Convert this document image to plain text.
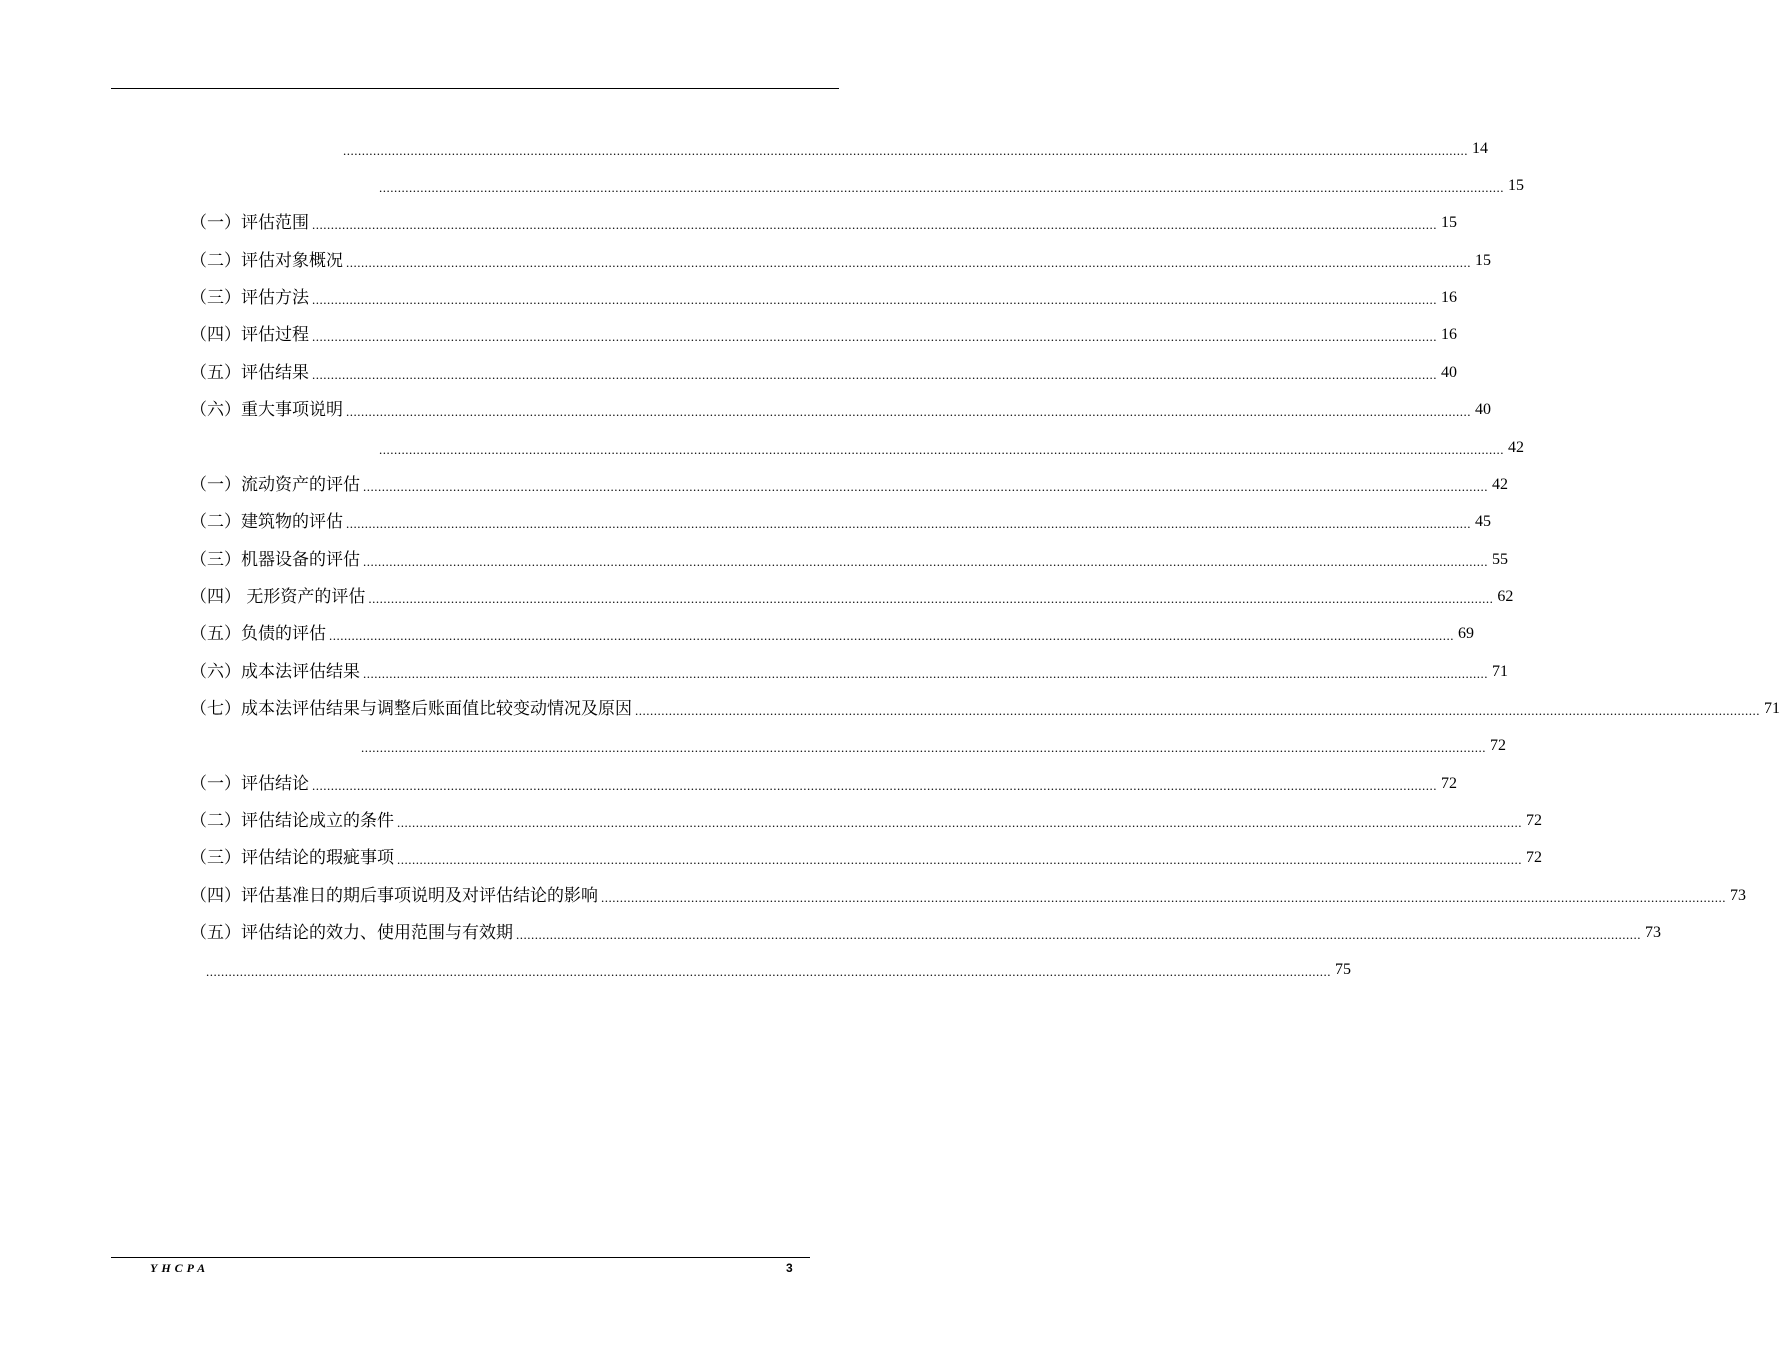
............................................................................................................................................................................................................................................................................................................ 14
............................................................................................................................................................................................................................................................................................................ 15
（一）评估范围 ............................................................................................................................................................................................................................................................................................................ 15
（二）评估对象概况 ............................................................................................................................................................................................................................................................................................................ 15
（三）评估方法 ............................................................................................................................................................................................................................................................................................................ 16
（四）评估过程 ............................................................................................................................................................................................................................................................................................................ 16
（五）评估结果 ............................................................................................................................................................................................................................................................................................................ 40
（六）重大事项说明 ............................................................................................................................................................................................................................................................................................................ 40
............................................................................................................................................................................................................................................................................................................ 42
（一）流动资产的评估 ............................................................................................................................................................................................................................................................................................................ 42
（二）建筑物的评估 ............................................................................................................................................................................................................................................................................................................ 45
（三）机器设备的评估 ............................................................................................................................................................................................................................................................................................................ 55
（四） 无形资产的评估 ............................................................................................................................................................................................................................................................................................................ 62
（五）负债的评估 ............................................................................................................................................................................................................................................................................................................ 69
（六）成本法评估结果 ............................................................................................................................................................................................................................................................................................................ 71
（七）成本法评估结果与调整后账面值比较变动情况及原因 ............................................................................................................................................................................................................................................................................................................ 71
............................................................................................................................................................................................................................................................................................................ 72
（一）评估结论 ............................................................................................................................................................................................................................................................................................................ 72
（二）评估结论成立的条件 ............................................................................................................................................................................................................................................................................................................ 72
（三）评估结论的瑕疵事项 ............................................................................................................................................................................................................................................................................................................ 72
（四）评估基准日的期后事项说明及对评估结论的影响 ............................................................................................................................................................................................................................................................................................................ 73
（五）评估结论的效力、使用范围与有效期 ............................................................................................................................................................................................................................................................................................................ 73
............................................................................................................................................................................................................................................................................................................ 75
YHCPA	3
